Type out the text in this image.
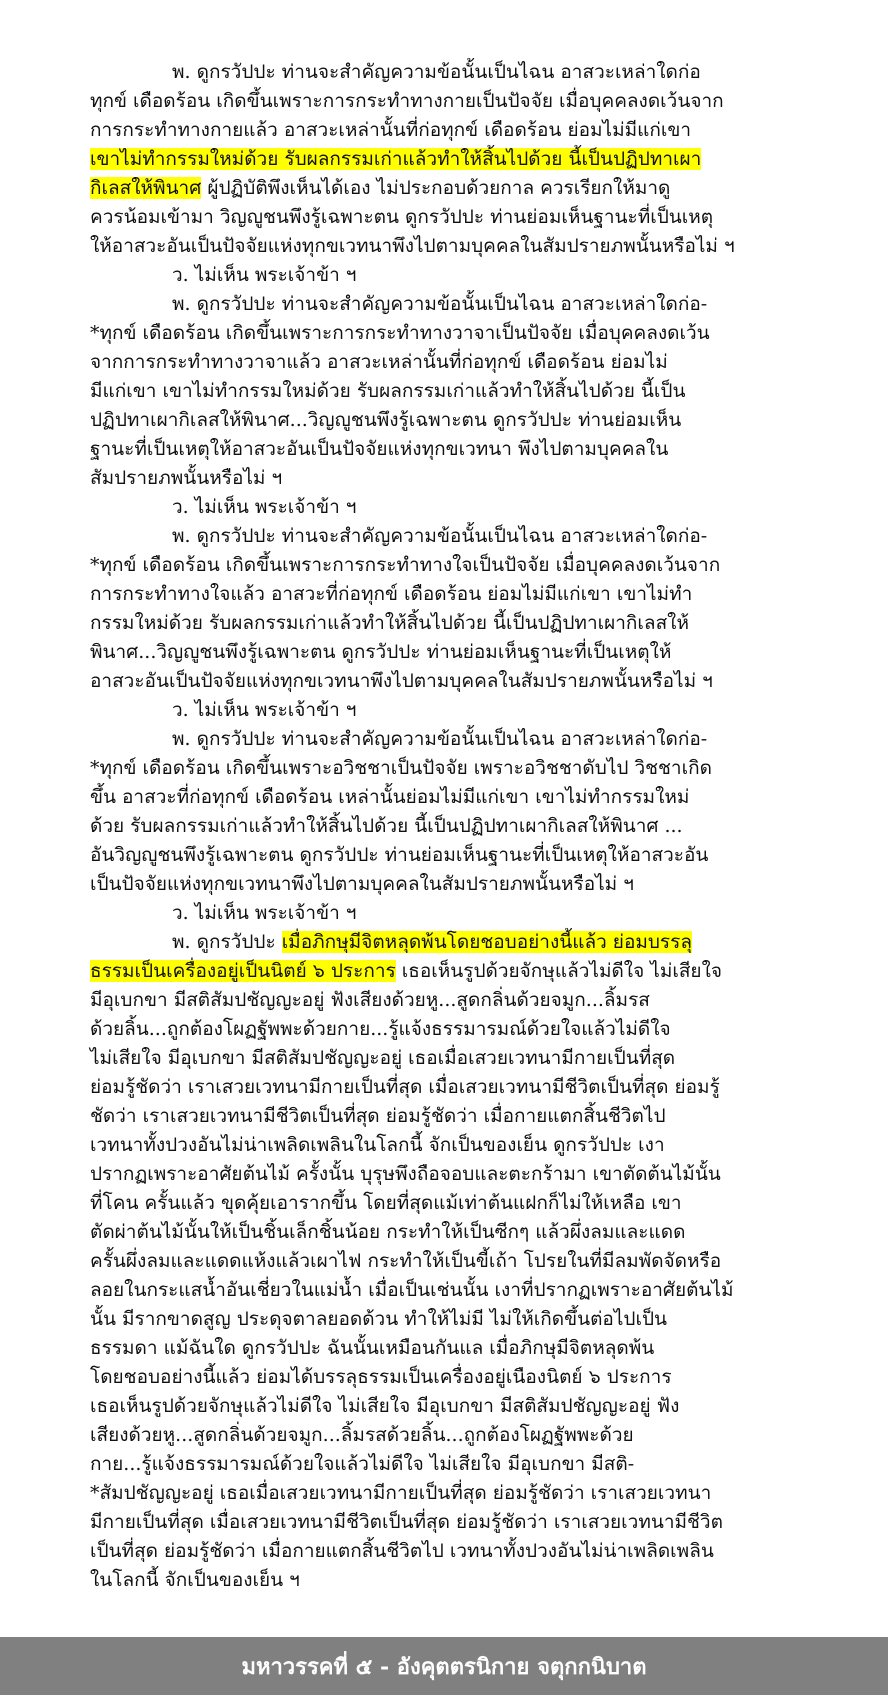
พ. ดูกรวัปปะ ท่านจะสำคัญความข้อนั้นเป็นไฉน อาสวะเหล่าใดก่อ
ทุกข์ เดือดร้อน เกิดขึ้นเพราะการกระทำทางกายเป็นปัจจัย เมื่อบุคคลงดเว้นจาก
การกระทำทางกายแล้ว อาสวะเหล่านั้นที่ก่อทุกข์ เดือดร้อน ย่อมไม่มีแก่เขา
เขาไม่ทำกรรมใหม่ด้วย รับผลกรรมเก่าแล้วทำให้สิ้นไปด้วย นี้เป็นปฏิปทาเผา
กิเลสให้พินาศ ผู้ปฏิบัติพึงเห็นได้เอง ไม่ประกอบด้วยกาล ควรเรียกให้มาดู
ควรน้อมเข้ามา วิญญูชนพึงรู้เฉพาะตน ดูกรวัปปะ ท่านย่อมเห็นฐานะที่เป็นเหตุ
ให้อาสวะอันเป็นปัจจัยแห่งทุกขเวทนาพึงไปตามบุคคลในสัมปรายภพนั้นหรือไม่ ฯ
ว. ไม่เห็น พระเจ้าข้า ฯ
พ. ดูกรวัปปะ ท่านจะสำคัญความข้อนั้นเป็นไฉน อาสวะเหล่าใดก่อ-
*ทุกข์ เดือดร้อน เกิดขึ้นเพราะการกระทำทางวาจาเป็นปัจจัย เมื่อบุคคลงดเว้น
จากการกระทำทางวาจาแล้ว อาสวะเหล่านั้นที่ก่อทุกข์ เดือดร้อน ย่อมไม่
มีแก่เขา เขาไม่ทำกรรมใหม่ด้วย รับผลกรรมเก่าแล้วทำให้สิ้นไปด้วย นี้เป็น
ปฏิปทาเผากิเลสให้พินาศ...วิญญูชนพึงรู้เฉพาะตน ดูกรวัปปะ ท่านย่อมเห็น
ฐานะที่เป็นเหตุให้อาสวะอันเป็นปัจจัยแห่งทุกขเวทนา พึงไปตามบุคคลใน
สัมปรายภพนั้นหรือไม่ ฯ
ว. ไม่เห็น พระเจ้าข้า ฯ
พ. ดูกรวัปปะ ท่านจะสำคัญความข้อนั้นเป็นไฉน อาสวะเหล่าใดก่อ-
*ทุกข์ เดือดร้อน เกิดขึ้นเพราะการกระทำทางใจเป็นปัจจัย เมื่อบุคคลงดเว้นจาก
การกระทำทางใจแล้ว อาสวะที่ก่อทุกข์ เดือดร้อน ย่อมไม่มีแก่เขา เขาไม่ทำ
กรรมใหม่ด้วย รับผลกรรมเก่าแล้วทำให้สิ้นไปด้วย นี้เป็นปฏิปทาเผากิเลสให้
พินาศ...วิญญูชนพึงรู้เฉพาะตน ดูกรวัปปะ ท่านย่อมเห็นฐานะที่เป็นเหตุให้
อาสวะอันเป็นปัจจัยแห่งทุกขเวทนาพึงไปตามบุคคลในสัมปรายภพนั้นหรือไม่ ฯ
ว. ไม่เห็น พระเจ้าข้า ฯ
พ. ดูกรวัปปะ ท่านจะสำคัญความข้อนั้นเป็นไฉน อาสวะเหล่าใดก่อ-
*ทุกข์ เดือดร้อน เกิดขึ้นเพราะอวิชชาเป็นปัจจัย เพราะอวิชชาดับไป วิชชาเกิด
ขึ้น อาสวะที่ก่อทุกข์ เดือดร้อน เหล่านั้นย่อมไม่มีแก่เขา เขาไม่ทำกรรมใหม่
ด้วย รับผลกรรมเก่าแล้วทำให้สิ้นไปด้วย นี้เป็นปฏิปทาเผากิเลสให้พินาศ ...
อันวิญญูชนพึงรู้เฉพาะตน ดูกรวัปปะ ท่านย่อมเห็นฐานะที่เป็นเหตุให้อาสวะอัน
เป็นปัจจัยแห่งทุกขเวทนาพึงไปตามบุคคลในสัมปรายภพนั้นหรือไม่ ฯ
ว. ไม่เห็น พระเจ้าข้า ฯ
พ. ดูกรวัปปะ เมื่อภิกษุมีจิตหลุดพ้นโดยชอบอย่างนี้แล้ว ย่อมบรรลุ
ธรรมเป็นเครื่องอยู่เป็นนิตย์ ๖ ประการ เธอเห็นรูปด้วยจักษุแล้วไม่ดีใจ ไม่เสียใจ
มีอุเบกขา มีสติสัมปชัญญะอยู่ ฟังเสียงด้วยหู...สูดกลิ่นด้วยจมูก...ลิ้มรส
ด้วยลิ้น...ถูกต้องโผฏฐัพพะด้วยกาย...รู้แจ้งธรรมารมณ์ด้วยใจแล้วไม่ดีใจ
ไม่เสียใจ มีอุเบกขา มีสติสัมปชัญญะอยู่ เธอเมื่อเสวยเวทนามีกายเป็นที่สุด
ย่อมรู้ชัดว่า เราเสวยเวทนามีกายเป็นที่สุด เมื่อเสวยเวทนามีชีวิตเป็นที่สุด ย่อมรู้
ชัดว่า เราเสวยเวทนามีชีวิตเป็นที่สุด ย่อมรู้ชัดว่า เมื่อกายแตกสิ้นชีวิตไป
เวทนาทั้งปวงอันไม่น่าเพลิดเพลินในโลกนี้ จักเป็นของเย็น ดูกรวัปปะ เงา
ปรากฏเพราะอาศัยต้นไม้ ครั้งนั้น บุรุษพึงถือจอบและตะกร้ามา เขาตัดต้นไม้นั้น
ที่โคน ครั้นแล้ว ขุดคุ้ยเอารากขึ้น โดยที่สุดแม้เท่าต้นแฝกก็ไม่ให้เหลือ เขา
ตัดผ่าต้นไม้นั้นให้เป็นชิ้นเล็กชิ้นน้อย กระทำให้เป็นซีกๆ แล้วผึ่งลมและแดด
ครั้นผึ่งลมและแดดแห้งแล้วเผาไฟ กระทำให้เป็นขี้เถ้า โปรยในที่มีลมพัดจัดหรือ
ลอยในกระแสน้ำอันเชี่ยวในแม่น้ำ เมื่อเป็นเช่นนั้น เงาที่ปรากฏเพราะอาศัยต้นไม้
นั้น มีรากขาดสูญ ประดุจตาลยอดด้วน ทำให้ไม่มี ไม่ให้เกิดขึ้นต่อไปเป็น
ธรรมดา แม้ฉันใด ดูกรวัปปะ ฉันนั้นเหมือนกันแล เมื่อภิกษุมีจิตหลุดพ้น
โดยชอบอย่างนี้แล้ว ย่อมได้บรรลุธรรมเป็นเครื่องอยู่เนืองนิตย์ ๖ ประการ
เธอเห็นรูปด้วยจักษุแล้วไม่ดีใจ ไม่เสียใจ มีอุเบกขา มีสติสัมปชัญญะอยู่ ฟัง
เสียงด้วยหู...สูดกลิ่นด้วยจมูก...ลิ้มรสด้วยลิ้น...ถูกต้องโผฏฐัพพะด้วย
กาย...รู้แจ้งธรรมารมณ์ด้วยใจแล้วไม่ดีใจ ไม่เสียใจ มีอุเบกขา มีสติ-
*สัมปชัญญะอยู่ เธอเมื่อเสวยเวทนามีกายเป็นที่สุด ย่อมรู้ชัดว่า เราเสวยเวทนา
มีกายเป็นที่สุด เมื่อเสวยเวทนามีชีวิตเป็นที่สุด ย่อมรู้ชัดว่า เราเสวยเวทนามีชีวิต
เป็นที่สุด ย่อมรู้ชัดว่า เมื่อกายแตกสิ้นชีวิตไป เวทนาทั้งปวงอันไม่น่าเพลิดเพลิน
ในโลกนี้ จักเป็นของเย็น ฯ
มหาวรรคที่ ๕ - อังคุตตรนิกาย จตุกกนิบาต
